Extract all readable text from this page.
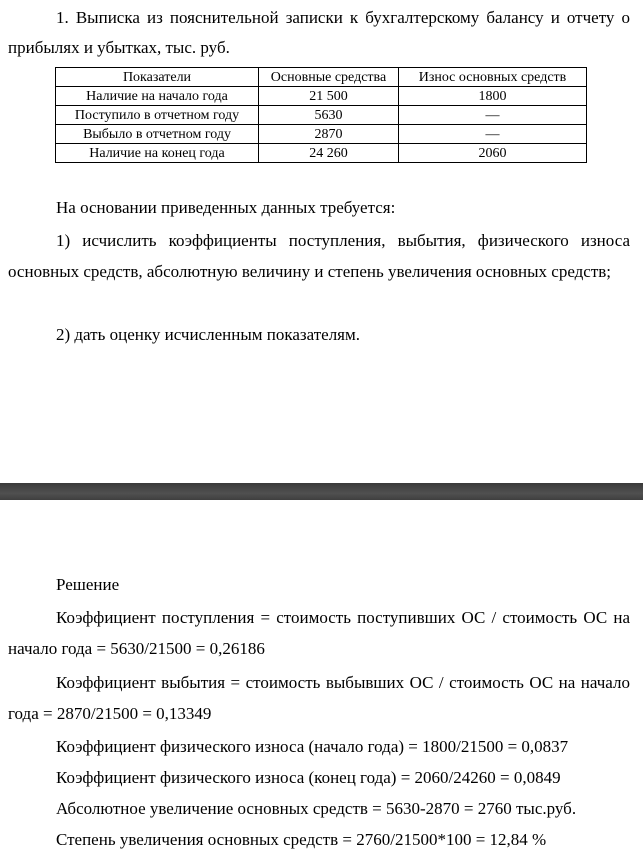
1. Выписка из пояснительной записки к бухгалтерскому балансу и отчету о прибылях и убытках, тыс. руб.

Показатели	Основные средства	Износ основных средств
Наличие на начало года	21 500	1800
Поступило в отчетном году	5630	—
Выбыло в отчетном году	2870	—
Наличие на конец года	24 260	2060

На основании приведенных данных требуется:

1) исчислить коэффициенты поступления, выбытия, физического износа основных средств, абсолютную величину и степень увеличения основных средств;

2) дать оценку исчисленным показателям.

Решение

Коэффициент поступления = стоимость поступивших ОС / стоимость ОС на начало года = 5630/21500 = 0,26186

Коэффициент выбытия = стоимость выбывших ОС / стоимость ОС на начало года = 2870/21500 = 0,13349

Коэффициент физического износа (начало года) = 1800/21500 = 0,0837

Коэффициент физического износа (конец года) = 2060/24260 = 0,0849

Абсолютное увеличение основных средств = 5630-2870 = 2760 тыс.руб.

Степень увеличения основных средств = 2760/21500*100 = 12,84 %
